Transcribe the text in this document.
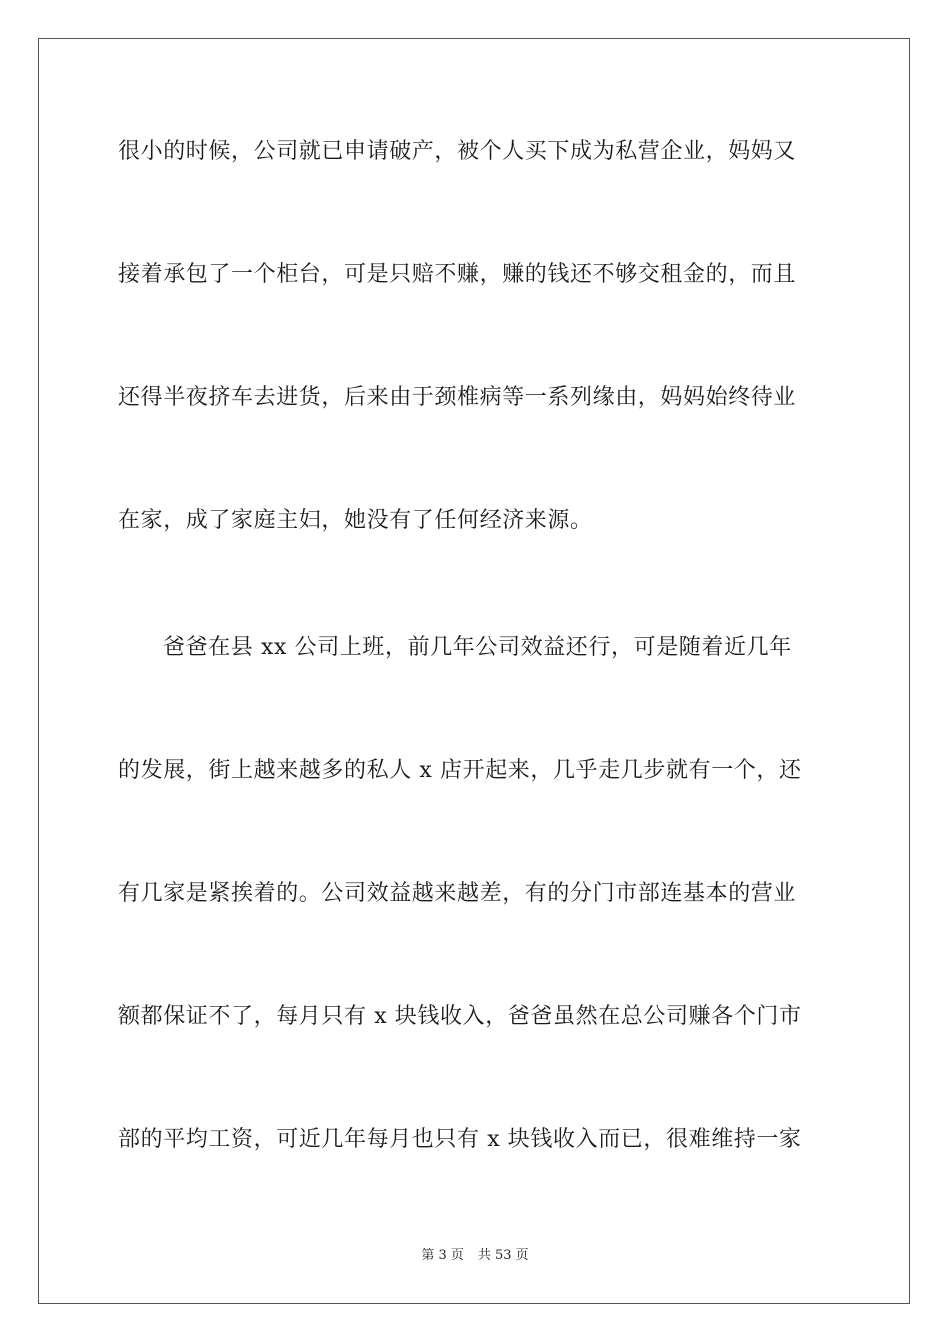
很小的时候，公司就已申请破产，被个人买下成为私营企业，妈妈又
接着承包了一个柜台，可是只赔不赚，赚的钱还不够交租金的，而且
还得半夜挤车去进货，后来由于颈椎病等一系列缘由，妈妈始终待业
在家，成了家庭主妇，她没有了任何经济来源。
爸爸在县 xx 公司上班，前几年公司效益还行，可是随着近几年
的发展，街上越来越多的私人 x 店开起来，几乎走几步就有一个，还
有几家是紧挨着的。公司效益越来越差，有的分门市部连基本的营业
额都保证不了，每月只有 x 块钱收入，爸爸虽然在总公司赚各个门市
部的平均工资，可近几年每月也只有 x 块钱收入而已，很难维持一家
第 3 页 共 53 页
